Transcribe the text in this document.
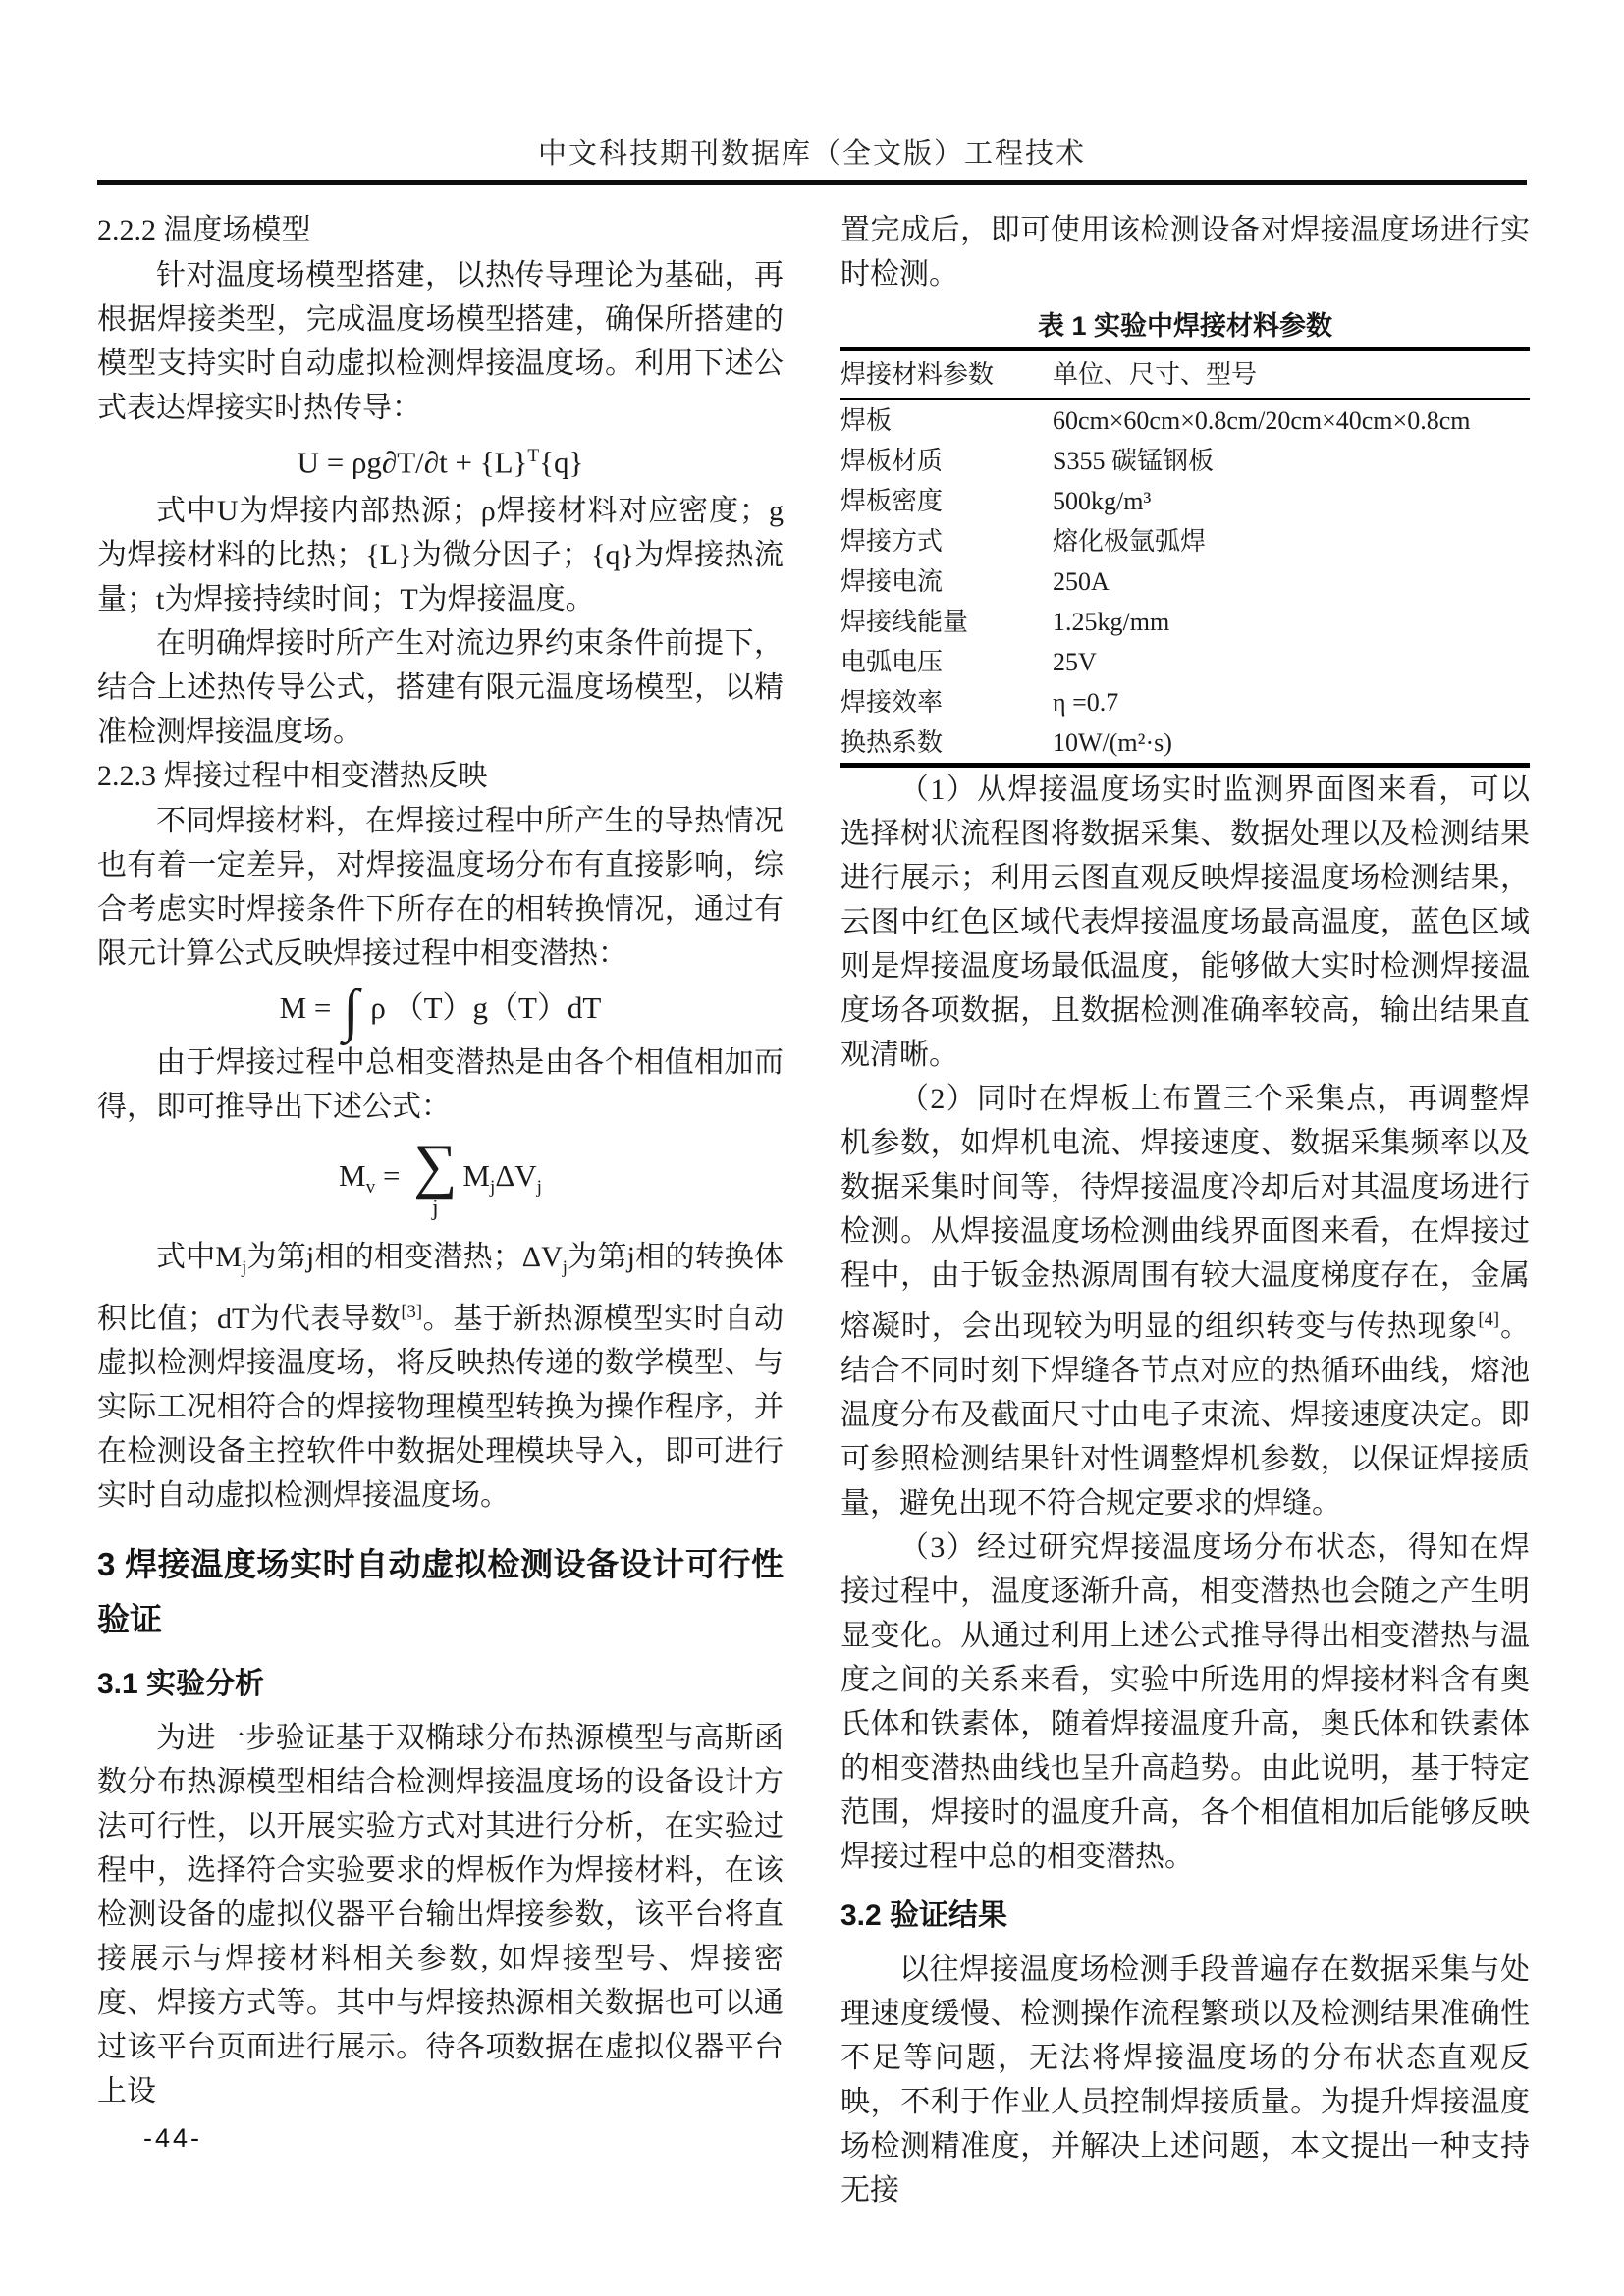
中文科技期刊数据库（全文版）工程技术
2.2.2 温度场模型

针对温度场模型搭建，以热传导理论为基础，再根据焊接类型，完成温度场模型搭建，确保所搭建的模型支持实时自动虚拟检测焊接温度场。利用下述公式表达焊接实时热传导：

$U = \rho g\partial T/\partial t + \{L\}^T\{q\}$

式中U为焊接内部热源；ρ焊接材料对应密度；g为焊接材料的比热；{L}为微分因子；{q}为焊接热流量；t为焊接持续时间；T为焊接温度。

在明确焊接时所产生对流边界约束条件前提下，结合上述热传导公式，搭建有限元温度场模型，以精准检测焊接温度场。

2.2.3 焊接过程中相变潜热反映

不同焊接材料，在焊接过程中所产生的导热情况也有着一定差异，对焊接温度场分布有直接影响，综合考虑实时焊接条件下所存在的相转换情况，通过有限元计算公式反映焊接过程中相变潜热：

M = ∫ ρ （T）g（T）dT

由于焊接过程中总相变潜热是由各个相值相加而得，即可推导出下述公式：

$M_v$ = ∑
j
$M_j\Delta V_j$

式中$M_j$为第j相的相变潜热；$\Delta V_j$为第j相的转换体积比值；dT为代表导数[3]。基于新热源模型实时自动虚拟检测焊接温度场，将反映热传递的数学模型、与实际工况相符合的焊接物理模型转换为操作程序，并在检测设备主控软件中数据处理模块导入，即可进行实时自动虚拟检测焊接温度场。

3 焊接温度场实时自动虚拟检测设备设计可行性验证
3.1 实验分析

为进一步验证基于双椭球分布热源模型与高斯函数分布热源模型相结合检测焊接温度场的设备设计方法可行性，以开展实验方式对其进行分析，在实验过程中，选择符合实验要求的焊板作为焊接材料，在该检测设备的虚拟仪器平台输出焊接参数，该平台将直接展示与焊接材料相关参数, 如焊接型号、焊接密度、焊接方式等。其中与焊接热源相关数据也可以通过该平台页面进行展示。待各项数据在虚拟仪器平台上设

置完成后，即可使用该检测设备对焊接温度场进行实时检测。

表 1 实验中焊接材料参数
焊接材料参数	单位、尺寸、型号
焊板	60cm×60cm×0.8cm/20cm×40cm×0.8cm
焊板材质	S355 碳锰钢板
焊板密度	500kg/m³
焊接方式	熔化极氩弧焊
焊接电流	250A
焊接线能量	1.25kg/mm
电弧电压	25V
焊接效率	η =0.7
换热系数	10W/(m²·s)

（1）从焊接温度场实时监测界面图来看，可以选择树状流程图将数据采集、数据处理以及检测结果进行展示；利用云图直观反映焊接温度场检测结果，云图中红色区域代表焊接温度场最高温度，蓝色区域则是焊接温度场最低温度，能够做大实时检测焊接温度场各项数据，且数据检测准确率较高，输出结果直观清晰。

（2）同时在焊板上布置三个采集点，再调整焊机参数，如焊机电流、焊接速度、数据采集频率以及数据采集时间等，待焊接温度冷却后对其温度场进行检测。从焊接温度场检测曲线界面图来看，在焊接过程中，由于钣金热源周围有较大温度梯度存在，金属熔凝时，会出现较为明显的组织转变与传热现象[4]。结合不同时刻下焊缝各节点对应的热循环曲线，熔池温度分布及截面尺寸由电子束流、焊接速度决定。即可参照检测结果针对性调整焊机参数，以保证焊接质量，避免出现不符合规定要求的焊缝。

（3）经过研究焊接温度场分布状态，得知在焊接过程中，温度逐渐升高，相变潜热也会随之产生明显变化。从通过利用上述公式推导得出相变潜热与温度之间的关系来看，实验中所选用的焊接材料含有奥氏体和铁素体，随着焊接温度升高，奥氏体和铁素体的相变潜热曲线也呈升高趋势。由此说明，基于特定范围，焊接时的温度升高，各个相值相加后能够反映焊接过程中总的相变潜热。

3.2 验证结果

以往焊接温度场检测手段普遍存在数据采集与处理速度缓慢、检测操作流程繁琐以及检测结果准确性不足等问题，无法将焊接温度场的分布状态直观反映，不利于作业人员控制焊接质量。为提升焊接温度场检测精准度，并解决上述问题，本文提出一种支持无接

-44-
